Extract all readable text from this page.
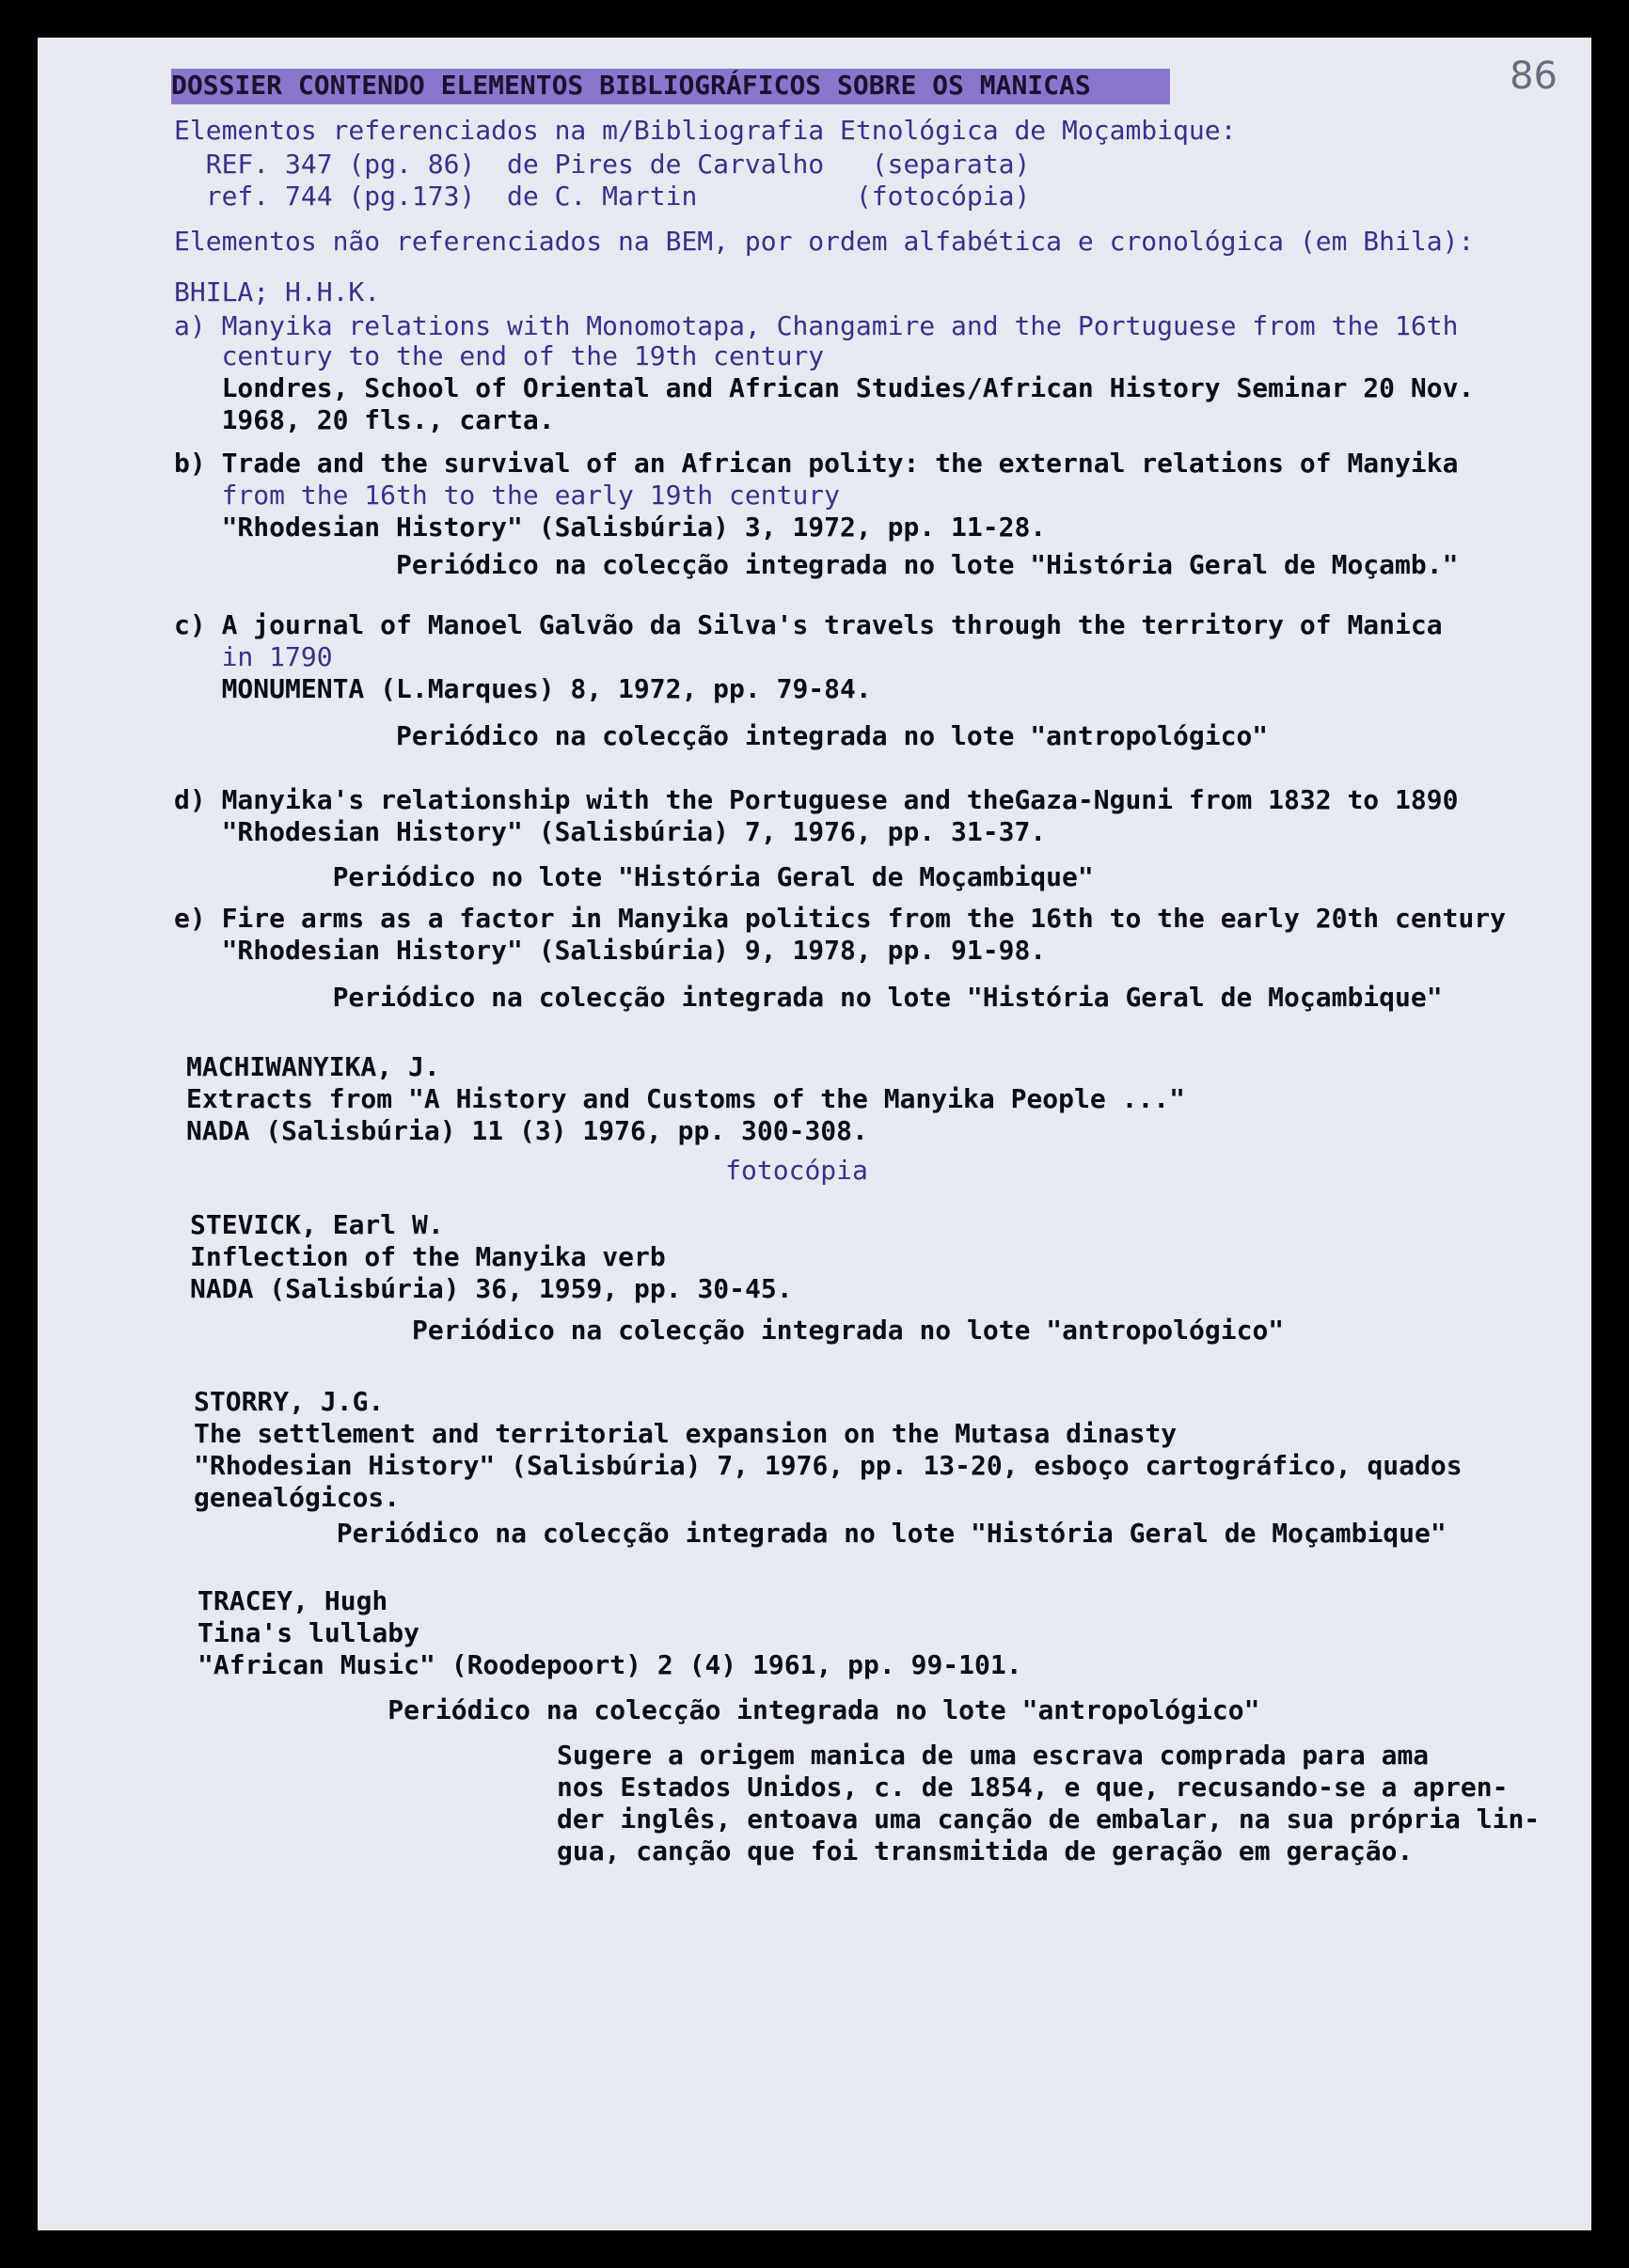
DOSSIER CONTENDO ELEMENTOS BIBLIOGRÁFICOS SOBRE OS MANICAS	86
Elementos referenciados na m/Bibliografia Etnológica de Moçambique:
REF. 347 (pg. 86)  de Pires de Carvalho   (separata)
ref. 744 (pg.173)  de C. Martin          (fotocópia)
Elementos não referenciados na BEM, por ordem alfabética e cronológica (em Bhila):
BHILA; H.H.K.
a) Manyika relations with Monomotapa, Changamire and the Portuguese from the 16th
century to the end of the 19th century
Londres, School of Oriental and African Studies/African History Seminar 20 Nov.
1968, 20 fls., carta.
b) Trade and the survival of an African polity: the external relations of Manyika
from the 16th to the early 19th century
"Rhodesian History" (Salisbúria) 3, 1972, pp. 11-28.
Periódico na colecção integrada no lote "História Geral de Moçamb."
c) A journal of Manoel Galvão da Silva's travels through the territory of Manica
in 1790
MONUMENTA (L.Marques) 8, 1972, pp. 79-84.
Periódico na colecção integrada no lote "antropológico"
d) Manyika's relationship with the Portuguese and theGaza-Nguni from 1832 to 1890
"Rhodesian History" (Salisbúria) 7, 1976, pp. 31-37.
Periódico no lote "História Geral de Moçambique"
e) Fire arms as a factor in Manyika politics from the 16th to the early 20th century
"Rhodesian History" (Salisbúria) 9, 1978, pp. 91-98.
Periódico na colecção integrada no lote "História Geral de Moçambique"
MACHIWANYIKA, J.
Extracts from "A History and Customs of the Manyika People ..."
NADA (Salisbúria) 11 (3) 1976, pp. 300-308.
fotocópia
STEVICK, Earl W.
Inflection of the Manyika verb
NADA (Salisbúria) 36, 1959, pp. 30-45.
Periódico na colecção integrada no lote "antropológico"
STORRY, J.G.
The settlement and territorial expansion on the Mutasa dinasty
"Rhodesian History" (Salisbúria) 7, 1976, pp. 13-20, esboço cartográfico, quados
genealógicos.
Periódico na colecção integrada no lote "História Geral de Moçambique"
TRACEY, Hugh
Tina's lullaby
"African Music" (Roodepoort) 2 (4) 1961, pp. 99-101.
Periódico na colecção integrada no lote "antropológico"
Sugere a origem manica de uma escrava comprada para ama
nos Estados Unidos, c. de 1854, e que, recusando-se a apren-
der inglês, entoava uma canção de embalar, na sua própria lin-
gua, canção que foi transmitida de geração em geração.
